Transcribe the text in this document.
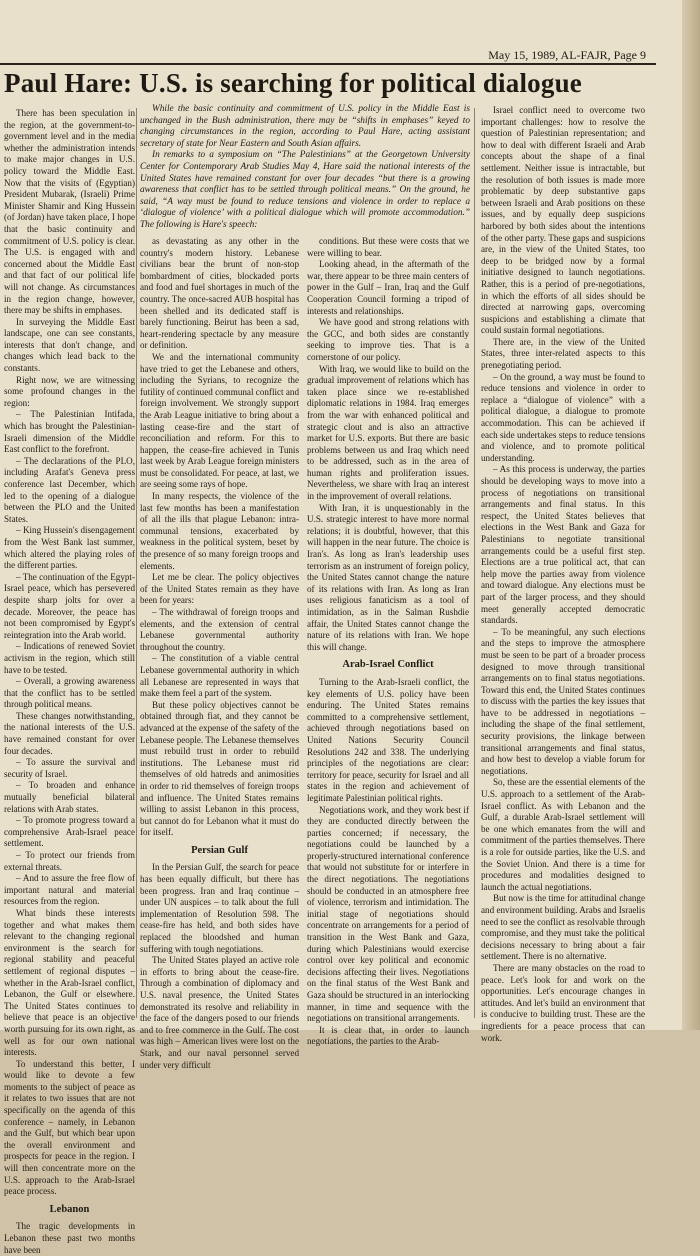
May 15, 1989, AL-FAJR, Page 9
Paul Hare: U.S. is searching for political dialogue

While the basic continuity and commitment of U.S. policy in the Middle East is unchanged in the Bush administration, there may be “shifts in emphases” keyed to changing circumstances in the region, according to Paul Hare, acting assistant secretary of state for Near Eastern and South Asian affairs.

In remarks to a symposium on “The Palestinians” at the Georgetown University Center for Contemporary Arab Studies May 4, Hare said the national interests of the United States have remained constant for over four decades “but there is a growing awareness that conflict has to be settled through political means.” On the ground, he said, “A way must be found to reduce tensions and violence in order to replace a ‘dialogue of violence’ with a political dialogue which will promote accommodation.” The following is Hare's speech:

There has been speculation in the region, at the government-to-government level and in the media whether the administration intends to make major changes in U.S. policy toward the Middle East. Now that the visits of (Egyptian) President Mubarak, (Israeli) Prime Minister Shamir and King Hussein (of Jordan) have taken place, I hope that the basic continuity and commitment of U.S. policy is clear. The U.S. is engaged with and concerned about the Middle East and that fact of our political life will not change. As circumstances in the region change, however, there may be shifts in emphases.

In surveying the Middle East landscape, one can see constants, interests that don't change, and changes which lead back to the constants.

Right now, we are witnessing some profound changes in the region:

– The Palestinian Intifada, which has brought the Palestinian-Israeli dimension of the Middle East conflict to the forefront.

– The declarations of the PLO, including Arafat's Geneva press conference last December, which led to the opening of a dialogue between the PLO and the United States.

– King Hussein's disengagement from the West Bank last summer, which altered the playing roles of the different parties.

– The continuation of the Egypt-Israel peace, which has persevered despite sharp jolts for over a decade. Moreover, the peace has not been compromised by Egypt's reintegration into the Arab world.

– Indications of renewed Soviet activism in the region, which still have to be tested.

– Overall, a growing awareness that the conflict has to be settled through political means.

These changes notwithstanding, the national interests of the U.S. have remained constant for over four decades.

– To assure the survival and security of Israel.

– To broaden and enhance mutually beneficial bilateral relations with Arab states.

– To promote progress toward a comprehensive Arab-Israel peace settlement.

– To protect our friends from external threats.

– And to assure the free flow of important natural and material resources from the region.

What binds these interests together and what makes them relevant to the changing regional environment is the search for regional stability and peaceful settlement of regional disputes – whether in the Arab-Israel conflict, Lebanon, the Gulf or elsewhere. The United States continues to believe that peace is an objective worth pursuing for its own right, as well as for our own national interests.

To understand this better, I would like to devote a few moments to the subject of peace as it relates to two issues that are not specifically on the agenda of this conference – namely, in Lebanon and the Gulf, but which bear upon the overall environment and prospects for peace in the region. I will then concentrate more on the U.S. approach to the Arab-Israel peace process.

Lebanon

The tragic developments in Lebanon these past two months have been

as devastating as any other in the country's modern history. Lebanese civilians bear the brunt of non-stop bombardment of cities, blockaded ports and food and fuel shortages in much of the country. The once-sacred AUB hospital has been shelled and its dedicated staff is barely functioning. Beirut has been a sad, heart-rendering spectacle by any measure or definition.

We and the international community have tried to get the Lebanese and others, including the Syrians, to recognize the futility of continued communal conflict and foreign involvement. We strongly support the Arab League initiative to bring about a lasting cease-fire and the start of reconciliation and reform. For this to happen, the cease-fire achieved in Tunis last week by Arab League foreign ministers must be consolidated. For peace, at last, we are seeing some rays of hope.

In many respects, the violence of the last few months has been a manifestation of all the ills that plague Lebanon: intra-communal tensions, exacerbated by weakness in the political system, beset by the presence of so many foreign troops and elements.

Let me be clear. The policy objectives of the United States remain as they have been for years:

– The withdrawal of foreign troops and elements, and the extension of central Lebanese governmental authority throughout the country.

– The constitution of a viable central Lebanese governmental authority in which all Lebanese are represented in ways that make them feel a part of the system.

But these policy objectives cannot be obtained through fiat, and they cannot be advanced at the expense of the safety of the Lebanese people. The Lebanese themselves must rebuild trust in order to rebuild institutions. The Lebanese must rid themselves of old hatreds and animosities in order to rid themselves of foreign troops and influence. The United States remains willing to assist Lebanon in this process, but cannot do for Lebanon what it must do for itself.

Persian Gulf

In the Persian Gulf, the search for peace has been equally difficult, but there has been progress. Iran and Iraq continue – under UN auspices – to talk about the full implementation of Resolution 598. The cease-fire has held, and both sides have replaced the bloodshed and human suffering with tough negotiations.

The United States played an active role in efforts to bring about the cease-fire. Through a combination of diplomacy and U.S. naval presence, the United States demonstrated its resolve and reliability in the face of the dangers posed to our friends and to free commerce in the Gulf. The cost was high – American lives were lost on the Stark, and our naval personnel served under very difficult

conditions. But these were costs that we were willing to bear.

Looking ahead, in the aftermath of the war, there appear to be three main centers of power in the Gulf – Iran, Iraq and the Gulf Cooperation Council forming a tripod of interests and relationships.

We have good and strong relations with the GCC, and both sides are constantly seeking to improve ties. That is a cornerstone of our policy.

With Iraq, we would like to build on the gradual improvement of relations which has taken place since we re-established diplomatic relations in 1984. Iraq emerges from the war with enhanced political and strategic clout and is also an attractive market for U.S. exports. But there are basic problems between us and Iraq which need to be addressed, such as in the area of human rights and proliferation issues. Nevertheless, we share with Iraq an interest in the improvement of overall relations.

With Iran, it is unquestionably in the U.S. strategic interest to have more normal relations; it is doubtful, however, that this will happen in the near future. The choice is Iran's. As long as Iran's leadership uses terrorism as an instrument of foreign policy, the United States cannot change the nature of its relations with Iran. As long as Iran uses religious fanaticism as a tool of intimidation, as in the Salman Rushdie affair, the United States cannot change the nature of its relations with Iran. We hope this will change.

Arab-Israel Conflict

Turning to the Arab-Israeli conflict, the key elements of U.S. policy have been enduring. The United States remains committed to a comprehensive settlement, achieved through negotiations based on United Nations Security Council Resolutions 242 and 338. The underlying principles of the negotiations are clear: territory for peace, security for Israel and all states in the region and achievement of legitimate Palestinian political rights.

Negotiations work, and they work best if they are conducted directly between the parties concerned; if necessary, the negotiations could be launched by a properly-structured international conference that would not substitute for or interfere in the direct negotiations. The negotiations should be conducted in an atmosphere free of violence, terrorism and intimidation. The initial stage of negotiations should concentrate on arrangements for a period of transition in the West Bank and Gaza, during which Palestinians would exercise control over key political and economic decisions affecting their lives. Negotiations on the final status of the West Bank and Gaza should be structured in an interlocking manner, in time and sequence with the negotiations on transitional arrangements.

It is clear that, in order to launch negotiations, the parties to the Arab-

Israel conflict need to overcome two important challenges: how to resolve the question of Palestinian representation; and how to deal with different Israeli and Arab concepts about the shape of a final settlement. Neither issue is intractable, but the resolution of both issues is made more problematic by deep substantive gaps between Israeli and Arab positions on these issues, and by equally deep suspicions harbored by both sides about the intentions of the other party. These gaps and suspicions are, in the view of the United States, too deep to be bridged now by a formal initiative designed to launch negotiations. Rather, this is a period of pre-negotiations, in which the efforts of all sides should be directed at narrowing gaps, overcoming suspicions and establishing a climate that could sustain formal negotiations.

There are, in the view of the United States, three inter-related aspects to this prenegotiating period.

– On the ground, a way must be found to reduce tensions and violence in order to replace a “dialogue of violence” with a political dialogue, a dialogue to promote accommodation. This can be achieved if each side undertakes steps to reduce tensions and violence, and to promote political understanding.

– As this process is underway, the parties should be developing ways to move into a process of negotiations on transitional arrangements and final status. In this respect, the United States believes that elections in the West Bank and Gaza for Palestinians to negotiate transitional arrangements could be a useful first step. Elections are a true political act, that can help move the parties away from violence and toward dialogue. Any elections must be part of the larger process, and they should meet generally accepted democratic standards.

– To be meaningful, any such elections and the steps to improve the atmosphere must be seen to be part of a broader process designed to move through transitional arrangements on to final status negotiations. Toward this end, the United States continues to discuss with the parties the key issues that have to be addressed in negotiations – including the shape of the final settlement, security provisions, the linkage between transitional arrangements and final status, and how best to develop a viable forum for negotiations.

So, these are the essential elements of the U.S. approach to a settlement of the Arab-Israel conflict. As with Lebanon and the Gulf, a durable Arab-Israel settlement will be one which emanates from the will and commitment of the parties themselves. There is a role for outside parties, like the U.S. and the Soviet Union. And there is a time for procedures and modalities designed to launch the actual negotiations.

But now is the time for attitudinal change and environment building. Arabs and Israelis need to see the conflict as resolvable through compromise, and they must take the political decisions necessary to bring about a fair settlement. There is no alternative.

There are many obstacles on the road to peace. Let's look for and work on the opportunities. Let's encourage changes in attitudes. And let's build an environment that is conducive to building trust. These are the ingredients for a peace process that can work.
